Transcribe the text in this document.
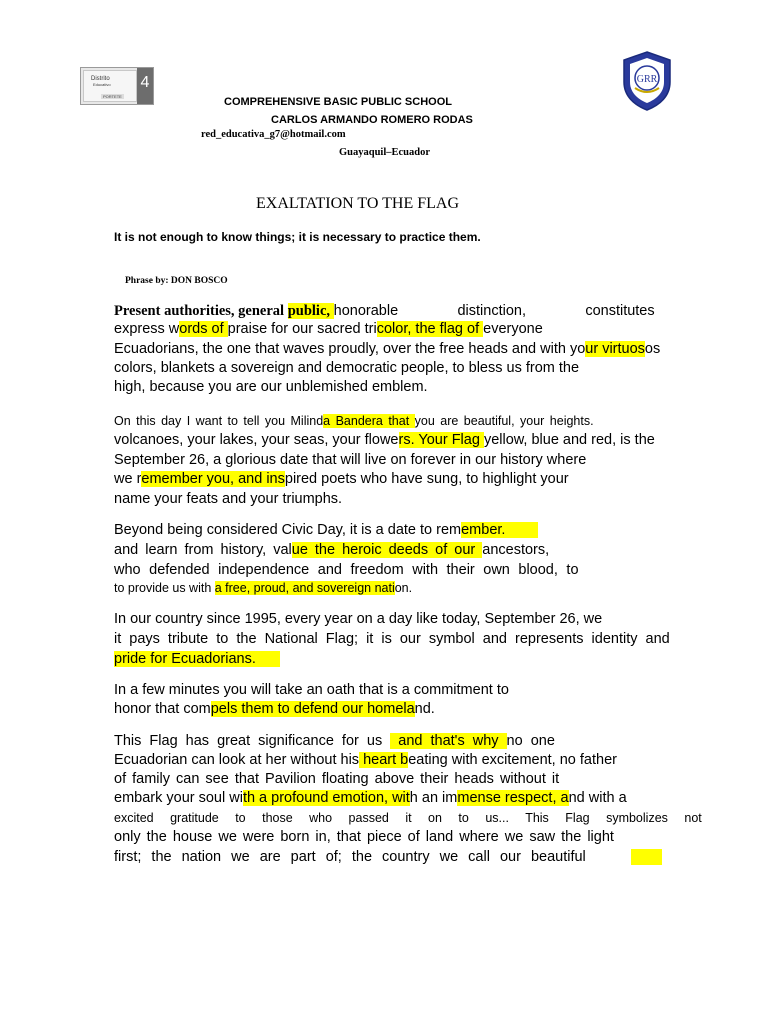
Distrito
Educativo
PORTETE
4	GRR
COMPREHENSIVE BASIC PUBLIC SCHOOL
CARLOS ARMANDO ROMERO RODAS
red_educativa_g7@hotmail.com
Guayaquil–Ecuador
EXALTATION TO THE FLAG
It is not enough to know things; it is necessary to practice them.
Phrase by: DON BOSCO
Present authorities, general public, honorable	distinction,	constitutes
express words of praise for our sacred tricolor, the flag of everyone
Ecuadorians, the one that waves proudly, over the free heads and with your virtuosos
colors, blankets a sovereign and democratic people, to bless us from the
high, because you are our unblemished emblem.
On this day I want to tell you Milinda Bandera that you are beautiful, your heights.
volcanoes, your lakes, your seas, your flowers. Your Flag yellow, blue and red, is the
September 26, a glorious date that will live on forever in our history where
we remember you, and inspired poets who have sung, to highlight your
name your feats and your triumphs.
Beyond being considered Civic Day, it is a date to remember.
and learn from history, value the heroic deeds of our ancestors,
who defended independence and freedom with their own blood, to
to provide us with a free, proud, and sovereign nation.
In our country since 1995, every year on a day like today, September 26, we
it pays tribute to the National Flag; it is our symbol and represents identity and
pride for Ecuadorians.
In a few minutes you will take an oath that is a commitment to
honor that compels them to defend our homeland.
This Flag has great significance for us  and that's why no one
Ecuadorian can look at her without his heart beating with excitement, no father
of family can see that Pavilion floating above their heads without it
embark your soul with a profound emotion, with an immense respect, and with a
excited gratitude to those who passed it on to us... This Flag symbolizes not
only the house we were born in, that piece of land where we saw the light
first; the nation we are part of; the country we call our beautiful
